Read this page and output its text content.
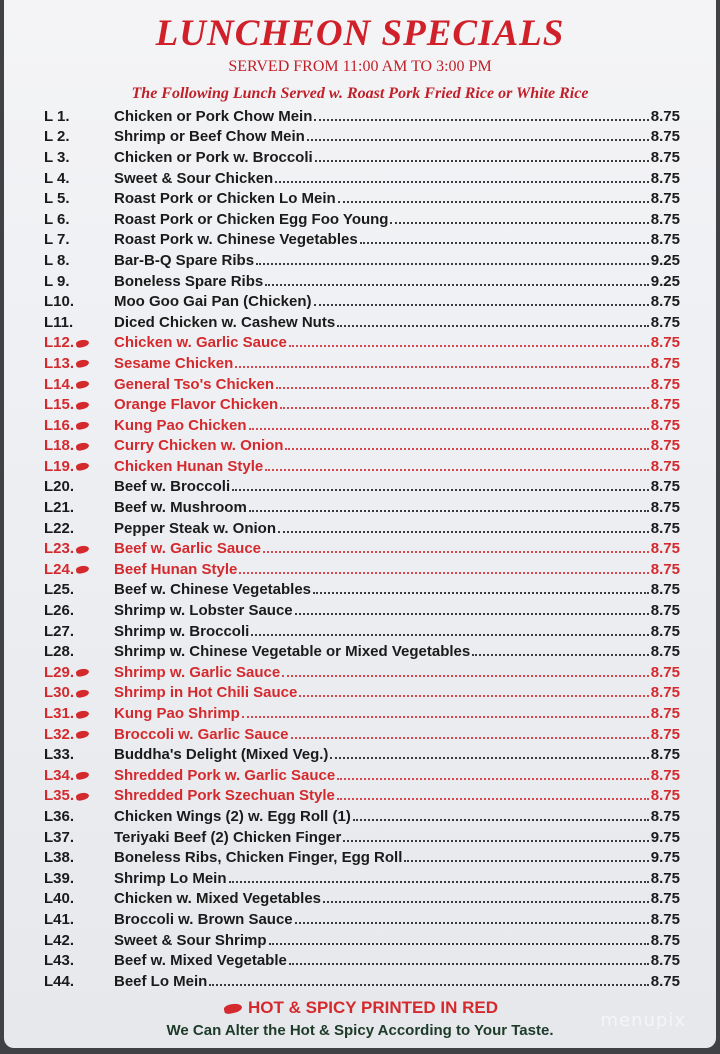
LUNCHEON SPECIALS
SERVED FROM 11:00 AM TO 3:00 PM
The Following Lunch Served w. Roast Pork Fried Rice or White Rice
L 1.	Chicken or Pork Chow Mein	8.75
L 2.	Shrimp or Beef Chow Mein	8.75
L 3.	Chicken or Pork w. Broccoli	8.75
L 4.	Sweet & Sour Chicken	8.75
L 5.	Roast Pork or Chicken Lo Mein	8.75
L 6.	Roast Pork or Chicken Egg Foo Young	8.75
L 7.	Roast Pork w. Chinese Vegetables	8.75
L 8.	Bar-B-Q Spare Ribs	9.25
L 9.	Boneless Spare Ribs	9.25
L10.	Moo Goo Gai Pan (Chicken)	8.75
L11.	Diced Chicken w. Cashew Nuts	8.75
L12.	Chicken w. Garlic Sauce	8.75
L13.	Sesame Chicken	8.75
L14.	General Tso's Chicken	8.75
L15.	Orange Flavor Chicken	8.75
L16.	Kung Pao Chicken	8.75
L18.	Curry Chicken w. Onion	8.75
L19.	Chicken Hunan Style	8.75
L20.	Beef w. Broccoli	8.75
L21.	Beef w. Mushroom	8.75
L22.	Pepper Steak w. Onion	8.75
L23.	Beef w. Garlic Sauce	8.75
L24.	Beef Hunan Style	8.75
L25.	Beef w. Chinese Vegetables	8.75
L26.	Shrimp w. Lobster Sauce	8.75
L27.	Shrimp w. Broccoli	8.75
L28.	Shrimp w. Chinese Vegetable or Mixed Vegetables	8.75
L29.	Shrimp w. Garlic Sauce	8.75
L30.	Shrimp in Hot Chili Sauce	8.75
L31.	Kung Pao Shrimp	8.75
L32.	Broccoli w. Garlic Sauce	8.75
L33.	Buddha's Delight (Mixed Veg.)	8.75
L34.	Shredded Pork w. Garlic Sauce	8.75
L35.	Shredded Pork Szechuan Style	8.75
L36.	Chicken Wings (2) w. Egg Roll (1)	8.75
L37.	Teriyaki Beef (2) Chicken Finger	9.75
L38.	Boneless Ribs, Chicken Finger, Egg Roll	9.75
L39.	Shrimp Lo Mein	8.75
L40.	Chicken w. Mixed Vegetables	8.75
L41.	Broccoli w. Brown Sauce	8.75
L42.	Sweet & Sour Shrimp	8.75
L43.	Beef w. Mixed Vegetable	8.75
L44.	Beef Lo Mein	8.75
HOT & SPICY PRINTED IN RED
We Can Alter the Hot & Spicy According to Your Taste.	menupix
